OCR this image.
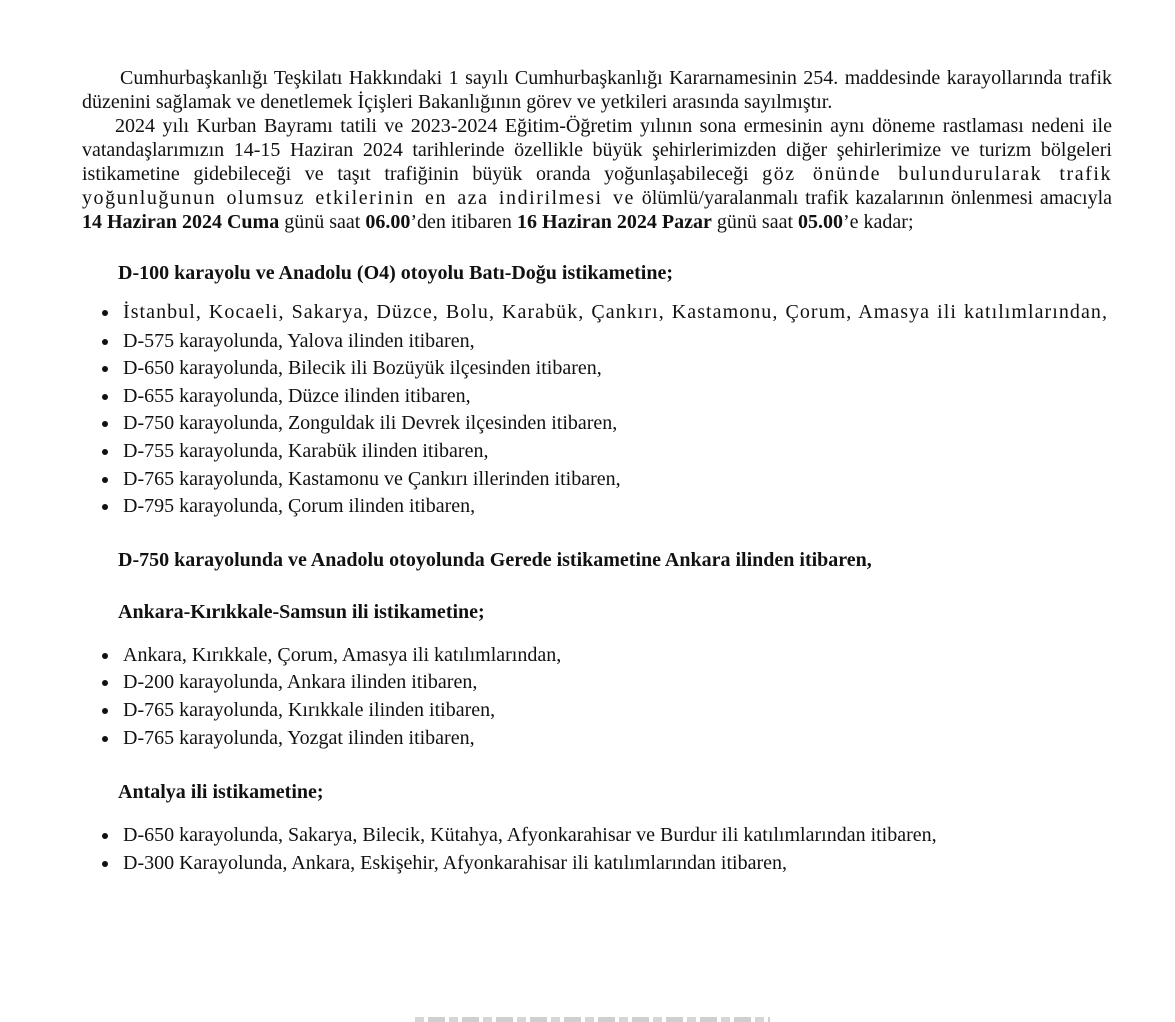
Cumhurbaşkanlığı Teşkilatı Hakkındaki 1 sayılı Cumhurbaşkanlığı Kararnamesinin 254. maddesinde karayollarında trafik düzenini sağlamak ve denetlemek İçişleri Bakanlığının görev ve yetkileri arasında sayılmıştır.

2024 yılı Kurban Bayramı tatili ve 2023-2024 Eğitim-Öğretim yılının sona ermesinin aynı döneme rastlaması nedeni ile vatandaşlarımızın 14-15 Haziran 2024 tarihlerinde özellikle büyük şehirlerimizden diğer şehirlerimize ve turizm bölgeleri istikametine gidebileceği ve taşıt trafiğinin büyük oranda yoğunlaşabileceği göz önünde bulundurularak trafik yoğunluğunun olumsuz etkilerinin en aza indirilmesi ve ölümlü/yaralanmalı trafik kazalarının önlenmesi amacıyla 14 Haziran 2024 Cuma günü saat 06.00’den itibaren 16 Haziran 2024 Pazar günü saat 05.00’e kadar;

D-100 karayolu ve Anadolu (O4) otoyolu Batı-Doğu istikametine;

İstanbul, Kocaeli, Sakarya, Düzce, Bolu, Karabük, Çankırı, Kastamonu, Çorum, Amasya ili katılımlarından,
D-575 karayolunda, Yalova ilinden itibaren,
D-650 karayolunda, Bilecik ili Bozüyük ilçesinden itibaren,
D-655 karayolunda, Düzce ilinden itibaren,
D-750 karayolunda, Zonguldak ili Devrek ilçesinden itibaren,
D-755 karayolunda, Karabük ilinden itibaren,
D-765 karayolunda, Kastamonu ve Çankırı illerinden itibaren,
D-795 karayolunda, Çorum ilinden itibaren,

D-750 karayolunda ve Anadolu otoyolunda Gerede istikametine Ankara ilinden itibaren,

Ankara-Kırıkkale-Samsun ili istikametine;

Ankara, Kırıkkale, Çorum, Amasya ili katılımlarından,
D-200 karayolunda, Ankara ilinden itibaren,
D-765 karayolunda, Kırıkkale ilinden itibaren,
D-765 karayolunda, Yozgat ilinden itibaren,

Antalya ili istikametine;

D-650 karayolunda, Sakarya, Bilecik, Kütahya, Afyonkarahisar ve Burdur ili katılımlarından itibaren,
D-300 Karayolunda, Ankara, Eskişehir, Afyonkarahisar ili katılımlarından itibaren,
